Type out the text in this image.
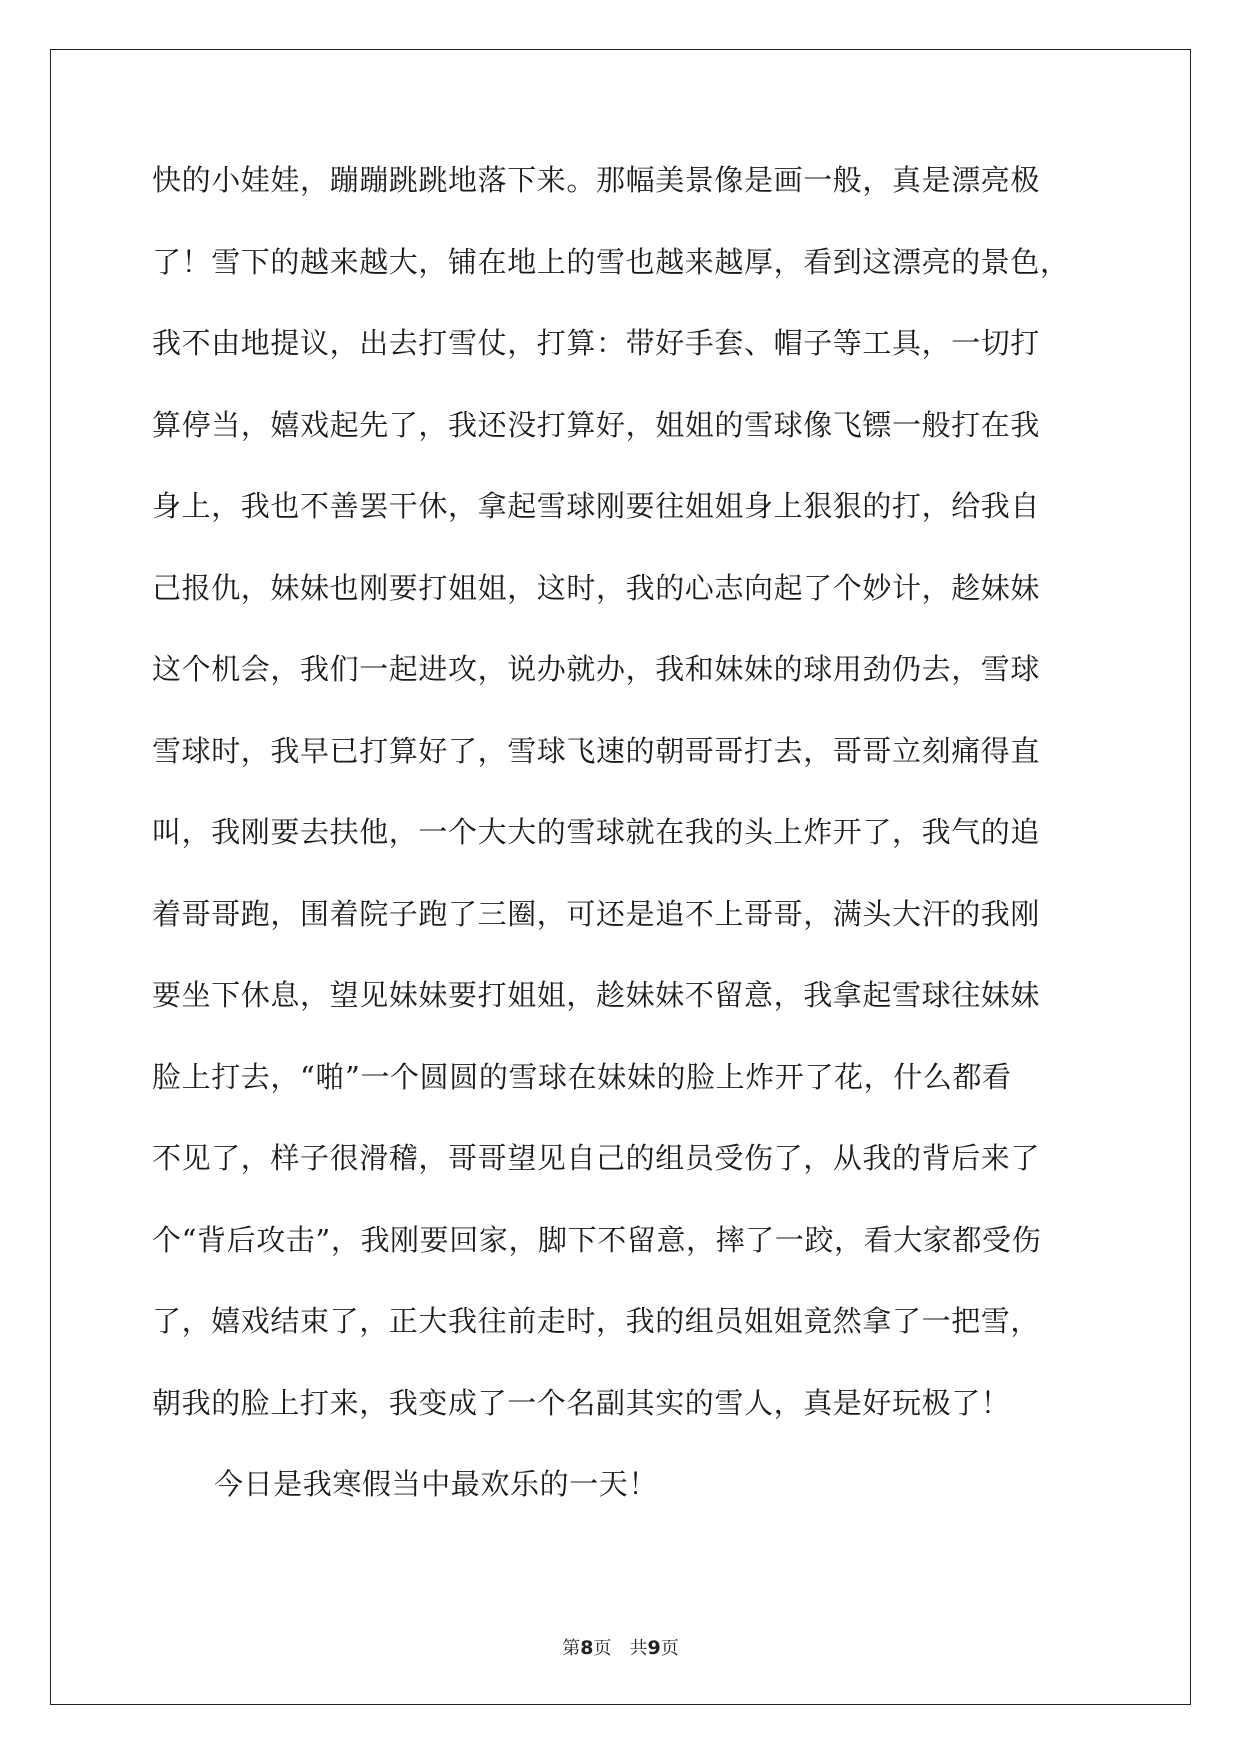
快的小娃娃，蹦蹦跳跳地落下来。那幅美景像是画一般，真是漂亮极
了！雪下的越来越大，铺在地上的雪也越来越厚，看到这漂亮的景色，
我不由地提议，出去打雪仗，打算：带好手套、帽子等工具，一切打
算停当，嬉戏起先了，我还没打算好，姐姐的雪球像飞镖一般打在我
身上，我也不善罢干休，拿起雪球刚要往姐姐身上狠狠的打，给我自
己报仇，妹妹也刚要打姐姐，这时，我的心志向起了个妙计，趁妹妹
这个机会，我们一起进攻，说办就办，我和妹妹的球用劲仍去，雪球
雪球时，我早已打算好了，雪球飞速的朝哥哥打去，哥哥立刻痛得直
叫，我刚要去扶他，一个大大的雪球就在我的头上炸开了，我气的追
着哥哥跑，围着院子跑了三圈，可还是追不上哥哥，满头大汗的我刚
要坐下休息，望见妹妹要打姐姐，趁妹妹不留意，我拿起雪球往妹妹
脸上打去，“啪”一个圆圆的雪球在妹妹的脸上炸开了花，什么都看
不见了，样子很滑稽，哥哥望见自己的组员受伤了，从我的背后来了
个“背后攻击”，我刚要回家，脚下不留意，摔了一跤，看大家都受伤
了，嬉戏结束了，正大我往前走时，我的组员姐姐竟然拿了一把雪，
朝我的脸上打来，我变成了一个名副其实的雪人，真是好玩极了！
今日是我寒假当中最欢乐的一天！
第8页 共9页
